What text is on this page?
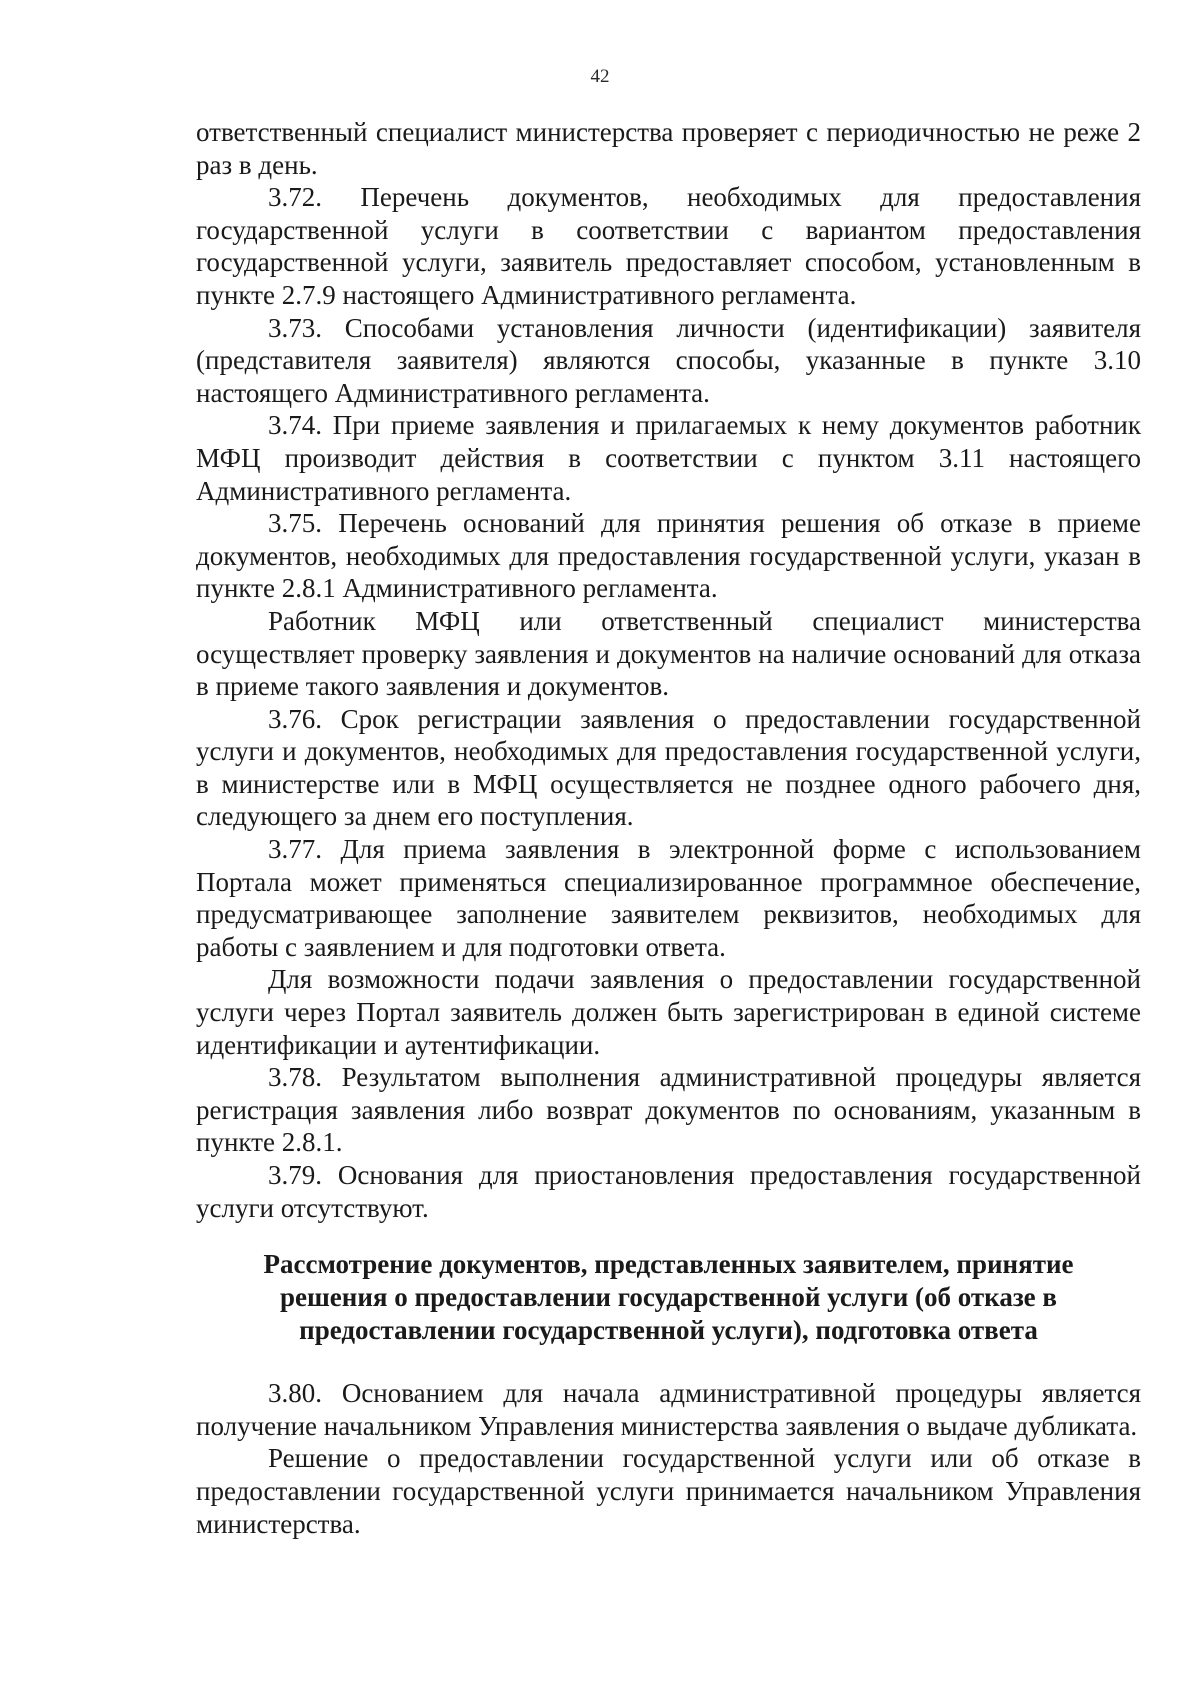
42

ответственный специалист министерства проверяет с периодичностью не реже 2 раз в день.

3.72. Перечень документов, необходимых для предоставления государственной услуги в соответствии с вариантом предоставления государственной услуги, заявитель предоставляет способом, установленным в пункте 2.7.9 настоящего Административного регламента.

3.73. Способами установления личности (идентификации) заявителя (представителя заявителя) являются способы, указанные в пункте 3.10 настоящего Административного регламента.

3.74. При приеме заявления и прилагаемых к нему документов работник МФЦ производит действия в соответствии с пунктом 3.11 настоящего Административного регламента.

3.75. Перечень оснований для принятия решения об отказе в приеме документов, необходимых для предоставления государственной услуги, указан в пункте 2.8.1 Административного регламента.

Работник МФЦ или ответственный специалист министерства осуществляет проверку заявления и документов на наличие оснований для отказа в приеме такого заявления и документов.

3.76. Срок регистрации заявления о предоставлении государственной услуги и документов, необходимых для предоставления государственной услуги, в министерстве или в МФЦ осуществляется не позднее одного рабочего дня, следующего за днем его поступления.

3.77. Для приема заявления в электронной форме с использованием Портала может применяться специализированное программное обеспечение, предусматривающее заполнение заявителем реквизитов, необходимых для работы с заявлением и для подготовки ответа.

Для возможности подачи заявления о предоставлении государственной услуги через Портал заявитель должен быть зарегистрирован в единой системе идентификации и аутентификации.

3.78. Результатом выполнения административной процедуры является регистрация заявления либо возврат документов по основаниям, указанным в пункте 2.8.1.

3.79. Основания для приостановления предоставления государственной услуги отсутствуют.

Рассмотрение документов, представленных заявителем, принятие
решения о предоставлении государственной услуги (об отказе в
предоставлении государственной услуги), подготовка ответа

3.80. Основанием для начала административной процедуры является получение начальником Управления министерства заявления о выдаче дубликата.

Решение о предоставлении государственной услуги или об отказе в предоставлении государственной услуги принимается начальником Управления министерства.
